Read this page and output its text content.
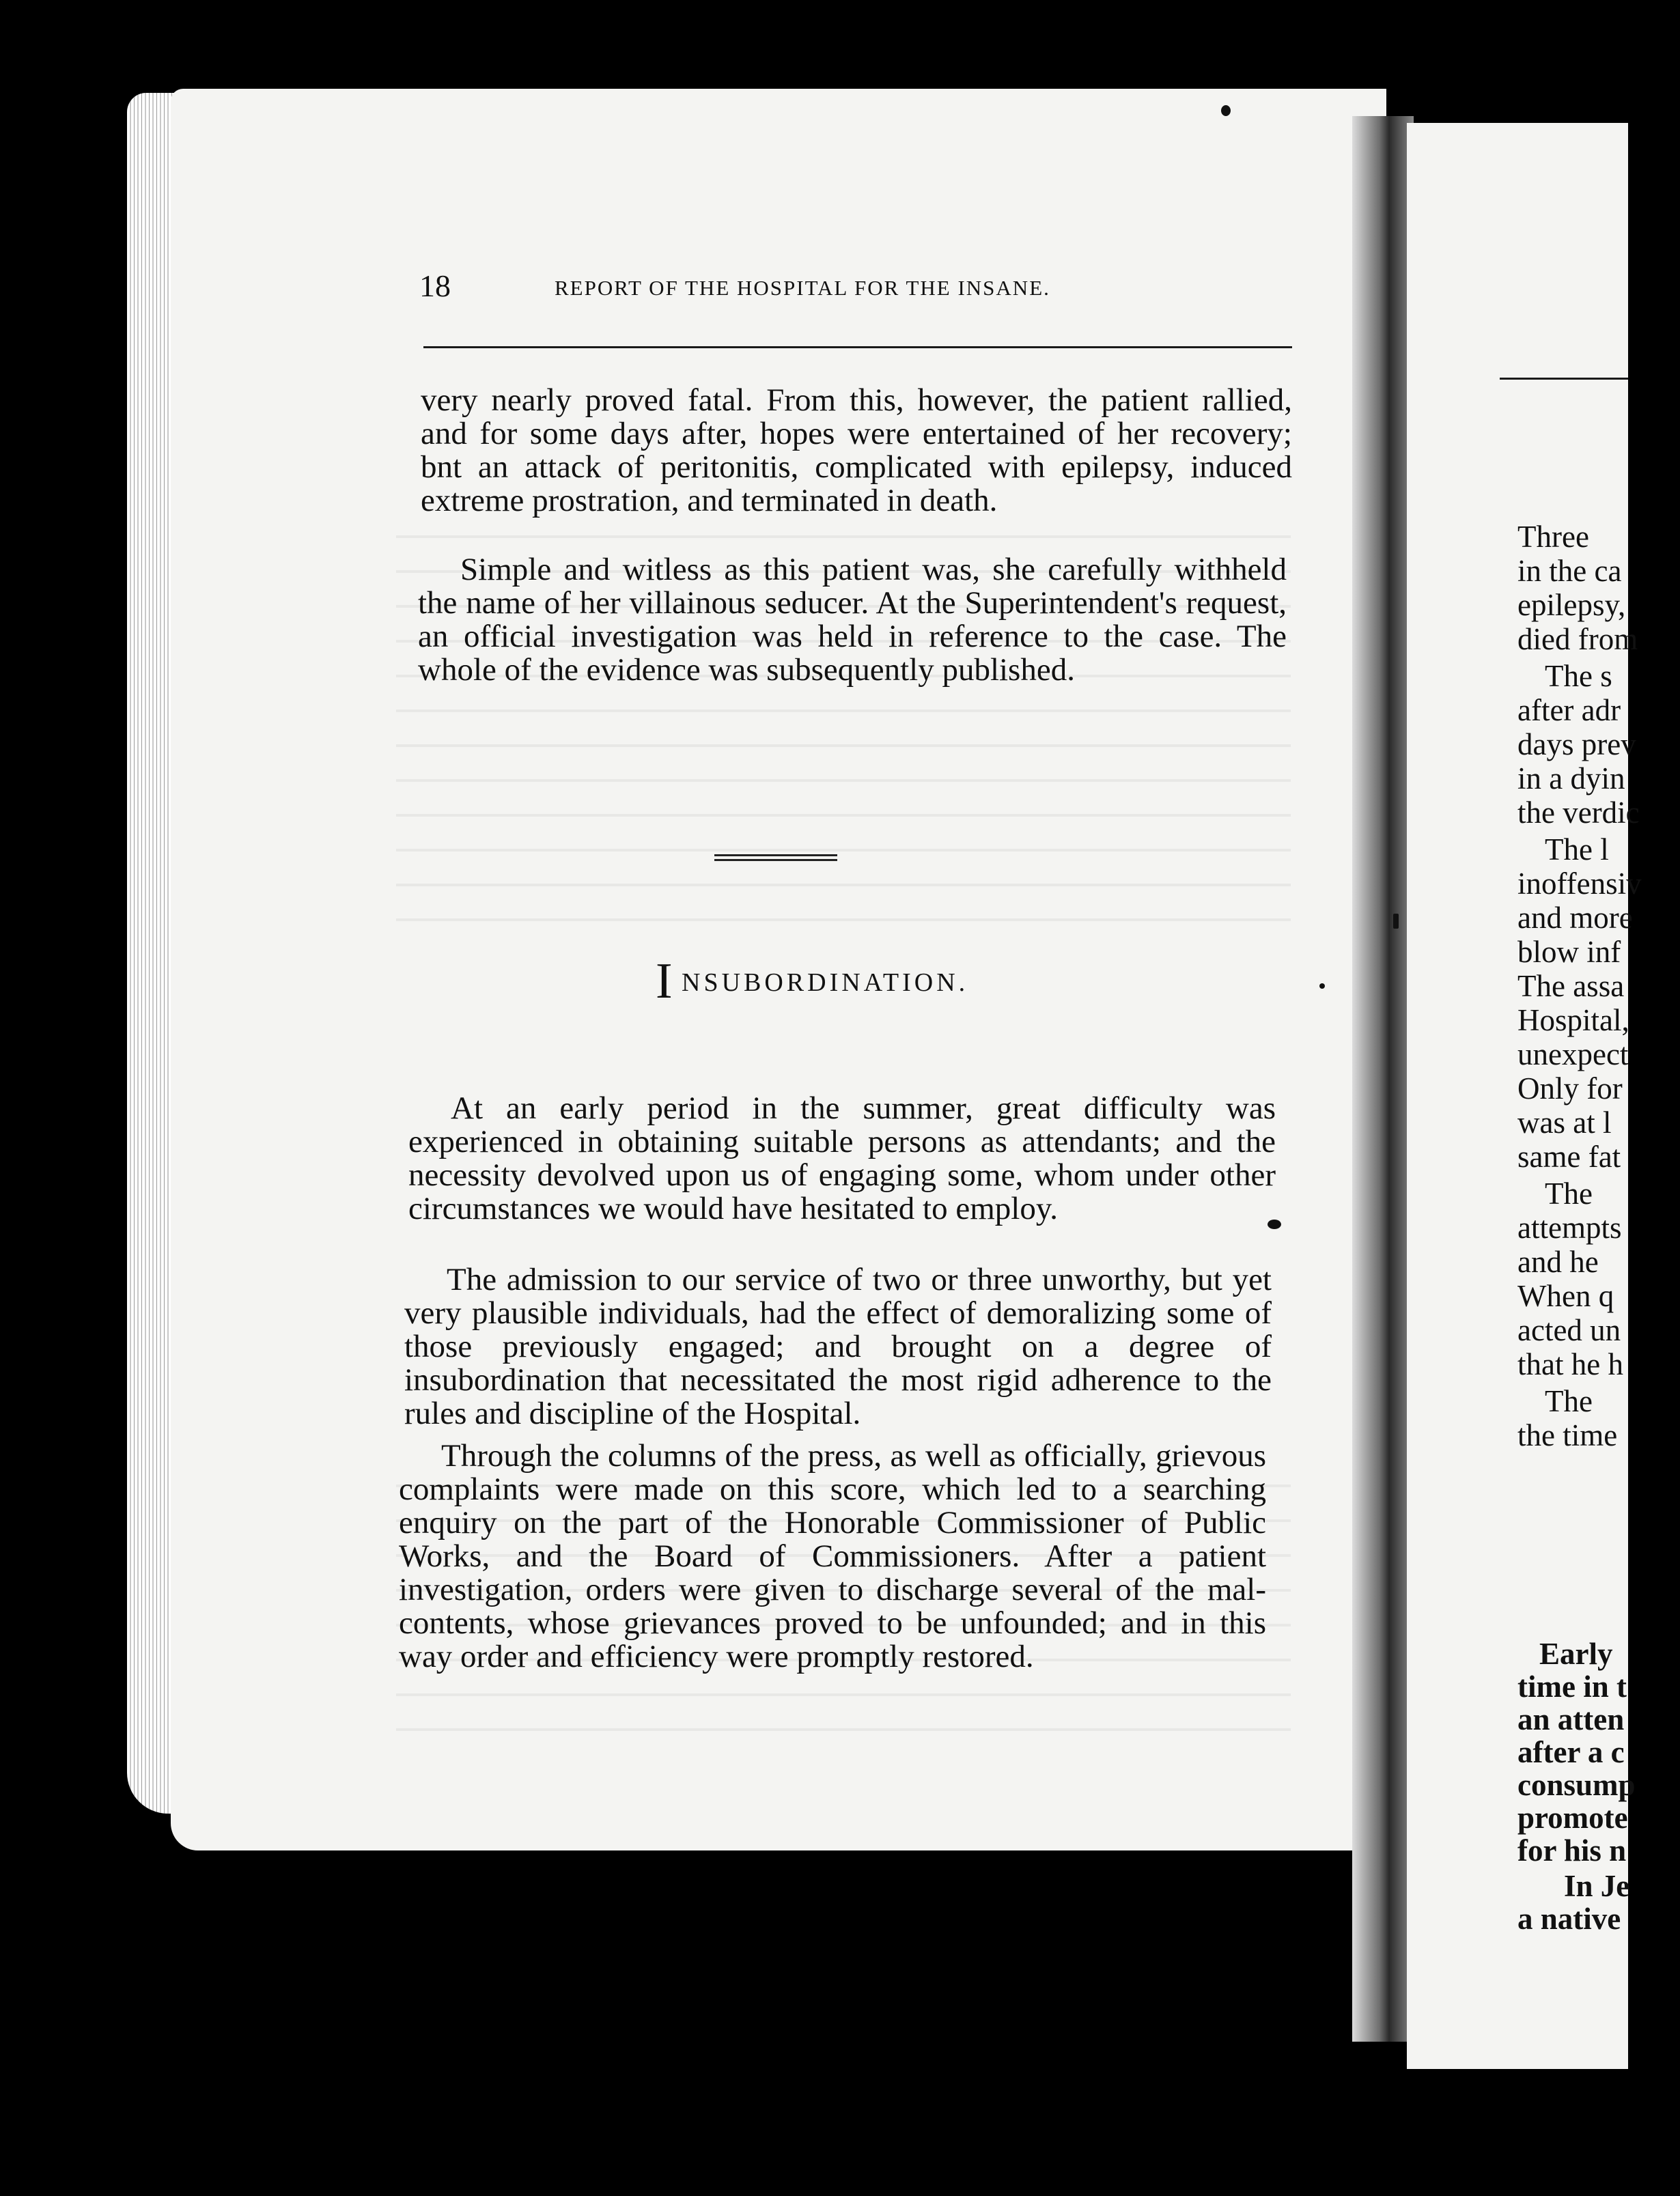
18	REPORT OF THE HOSPITAL FOR THE INSANE.

very nearly proved fatal. From this, however, the patient rallied, and for some days after, hopes were entertained of her recovery; bnt an attack of peritonitis, complicated with epilepsy, induced extreme prostration, and terminated in death.

Simple and witless as this patient was, she carefully withheld the name of her villainous seducer. At the Superintendent's request, an official investigation was held in reference to the case. The whole of the evidence was subsequently published.

I NSUBORDINATION.

At an early period in the summer, great difficulty was experienced in obtaining suitable persons as attendants; and the necessity devolved upon us of engaging some, whom under other circumstances we would have hesitated to employ.

The admission to our service of two or three unworthy, but yet very plausible individuals, had the effect of demoralizing some of those previously engaged; and brought on a degree of insubordination that necessitated the most rigid adherence to the rules and discipline of the Hospital.

Through the columns of the press, as well as officially, grievous complaints were made on this score, which led to a searching enquiry on the part of the Honorable Commissioner of Public Works, and the Board of Commissioners. After a patient investigation, orders were given to discharge several of the mal-contents, whose grievances proved to be unfounded; and in this way order and efficiency were promptly restored.

Three
in the ca
epilepsy,
died from
The s
after adr
days prev
in a dyin
the verdic
The l
inoffensiv
and more
blow inf
The assa
Hospital,
unexpect
Only for
was at l
same fat
The
attempts
and he
When q
acted un
that he h
The
the time
Early
time in t
an atten
after a c
consump
promote
for his n
In Je
a native
